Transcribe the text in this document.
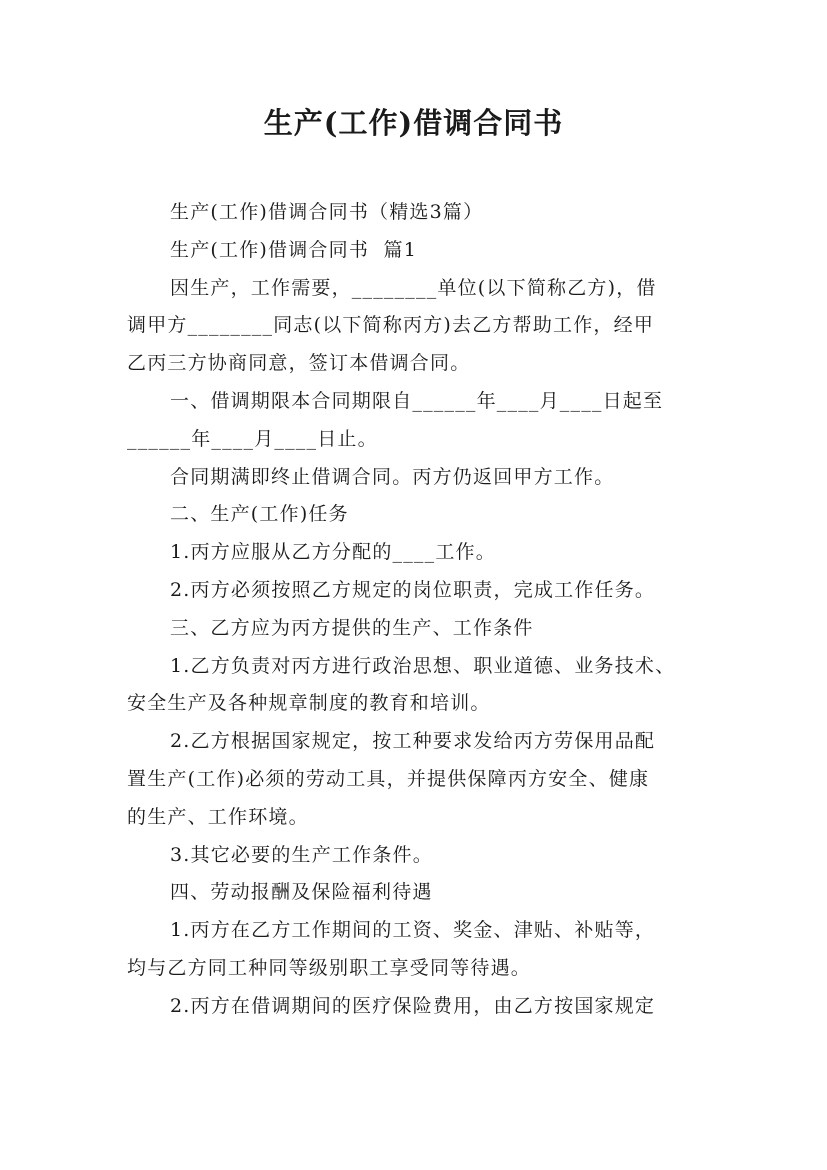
生产(工作)借调合同书

生产(工作)借调合同书（精选3篇）

生产(工作)借调合同书  篇1

因生产，工作需要，________单位(以下简称乙方)，借

调甲方________同志(以下简称丙方)去乙方帮助工作，经甲

乙丙三方协商同意，签订本借调合同。

一、借调期限本合同期限自______年____月____日起至

______年____月____日止。

合同期满即终止借调合同。丙方仍返回甲方工作。

二、生产(工作)任务

1.丙方应服从乙方分配的____工作。

2.丙方必须按照乙方规定的岗位职责，完成工作任务。

三、乙方应为丙方提供的生产、工作条件

1.乙方负责对丙方进行政治思想、职业道德、业务技术、

安全生产及各种规章制度的教育和培训。

2.乙方根据国家规定，按工种要求发给丙方劳保用品配

置生产(工作)必须的劳动工具，并提供保障丙方安全、健康

的生产、工作环境。

3.其它必要的生产工作条件。

四、劳动报酬及保险福利待遇

1.丙方在乙方工作期间的工资、奖金、津贴、补贴等，

均与乙方同工种同等级别职工享受同等待遇。

2.丙方在借调期间的医疗保险费用，由乙方按国家规定
